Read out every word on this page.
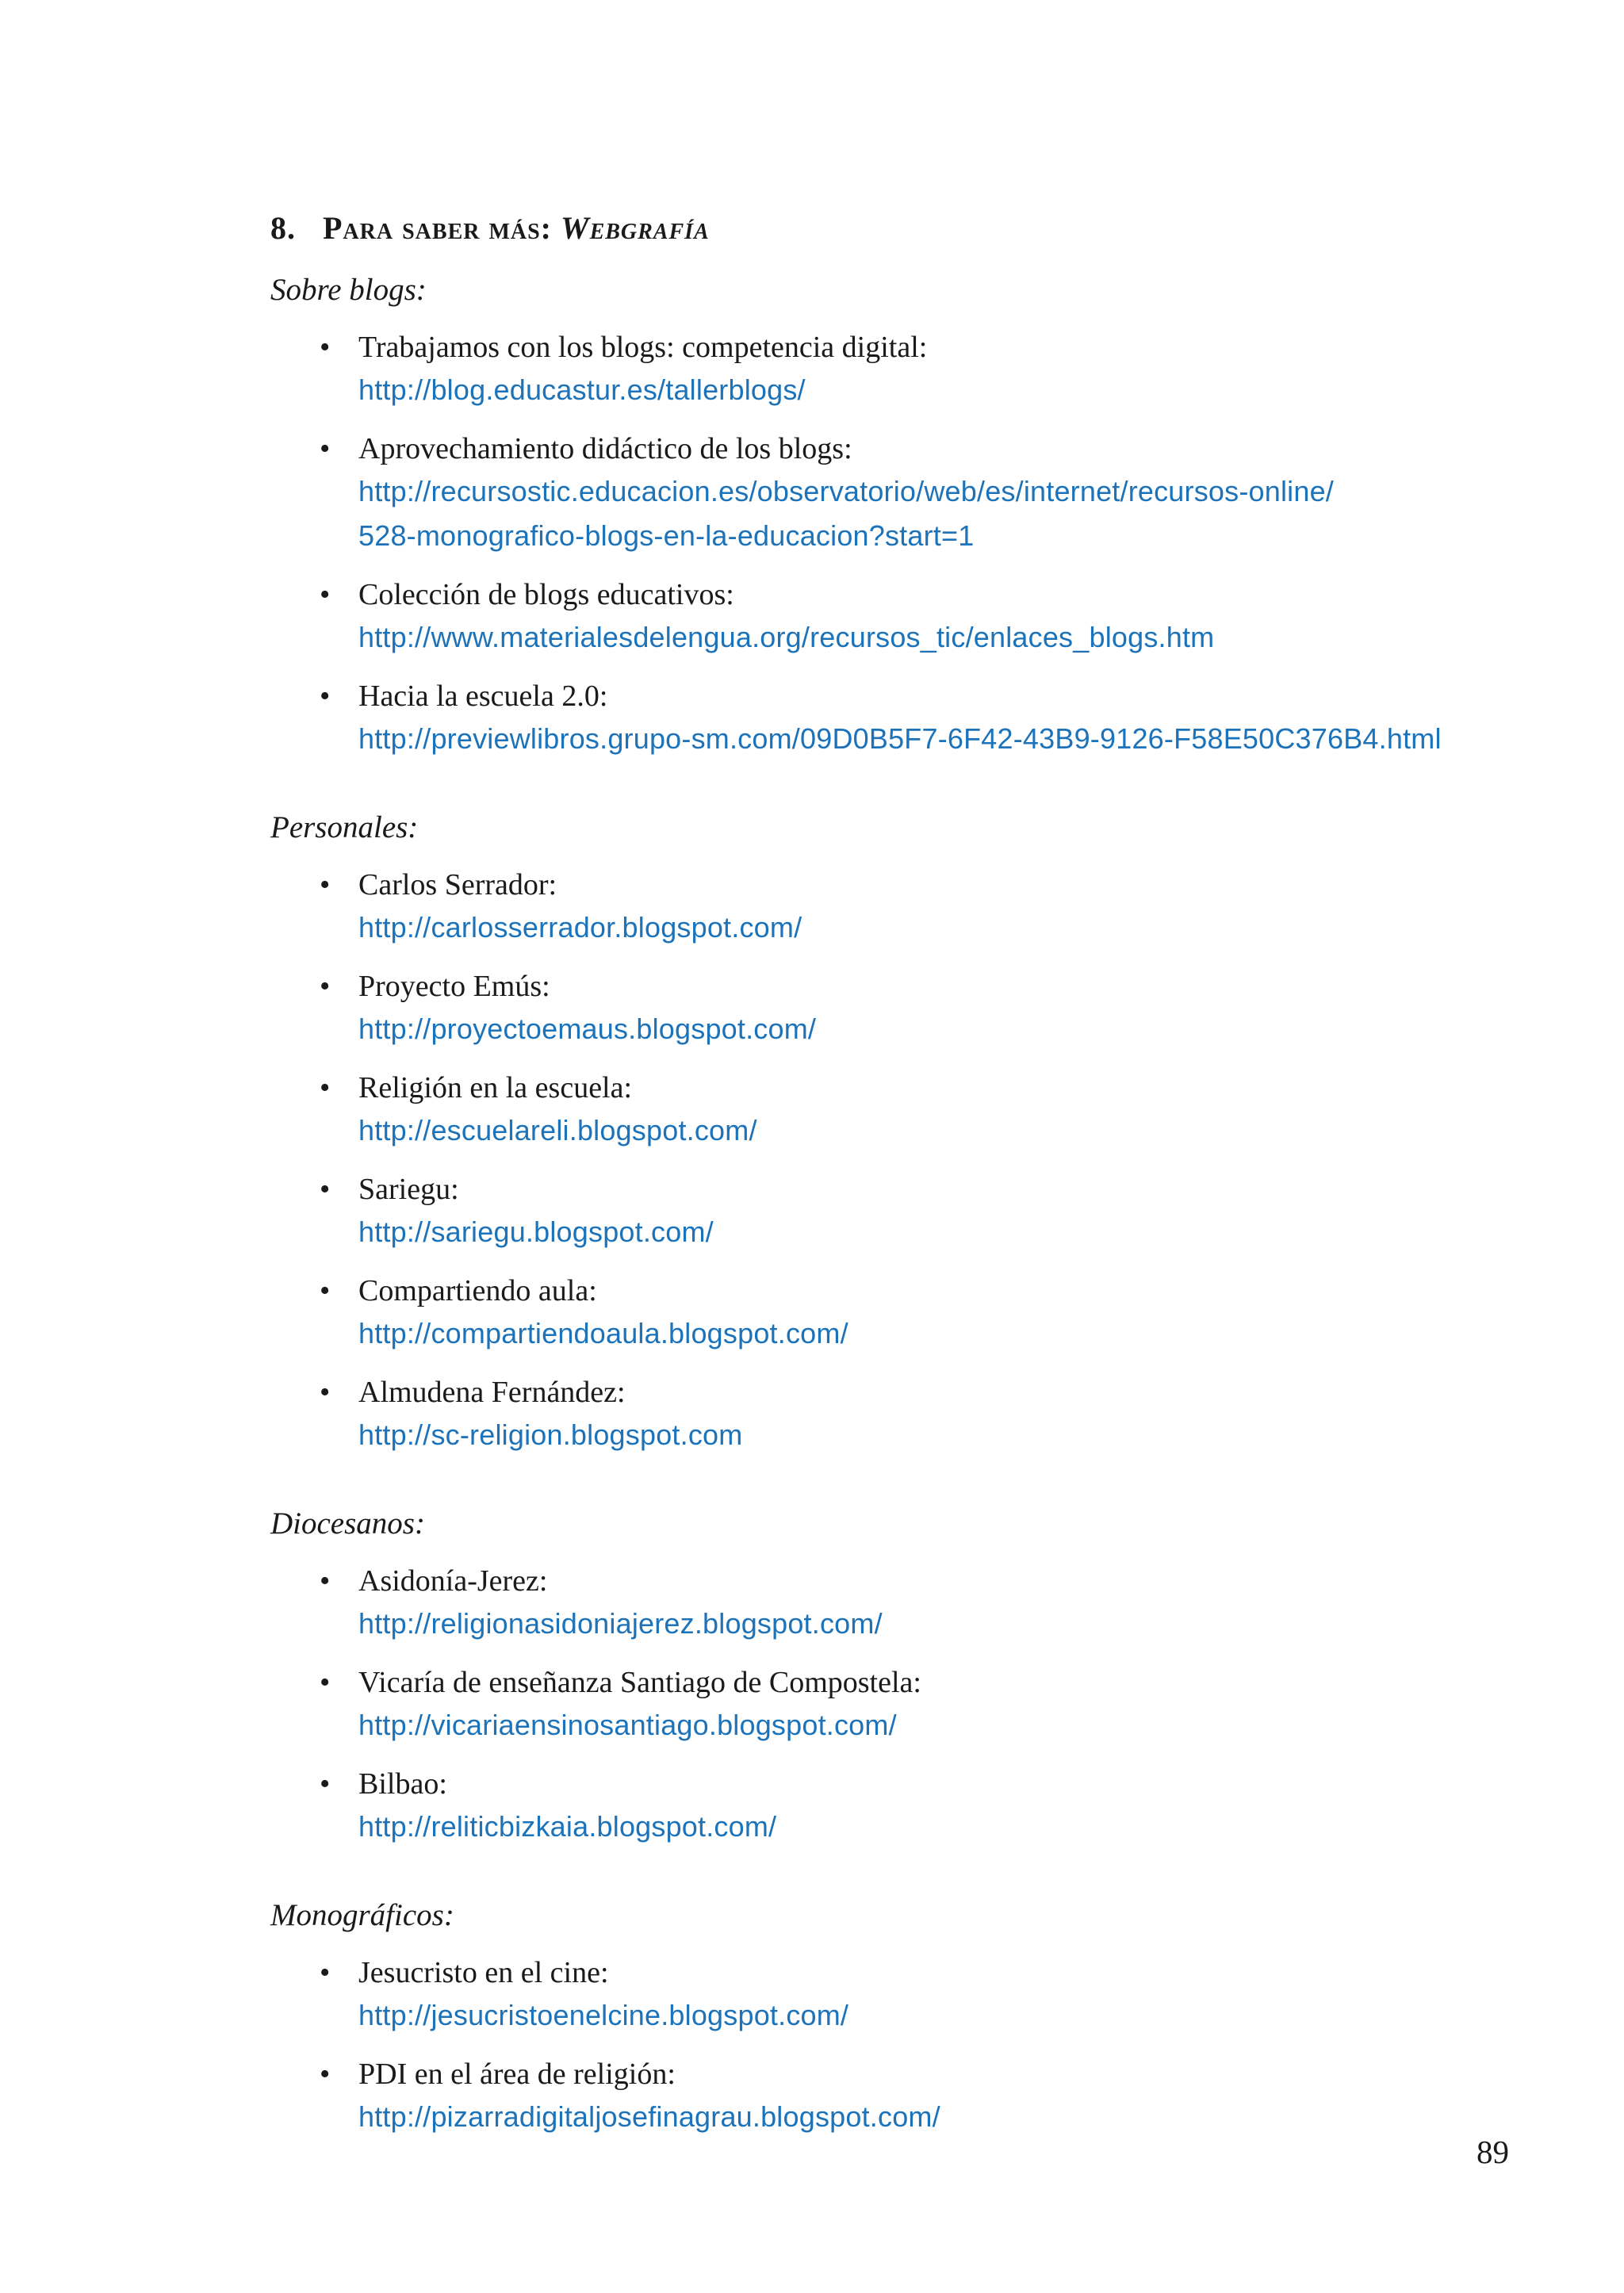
8. Para saber más: Webgrafía
Sobre blogs:
• Trabajamos con los blogs: competencia digital:
http://blog.educastur.es/tallerblogs/
• Aprovechamiento didáctico de los blogs:
http://recursostic.educacion.es/observatorio/web/es/internet/recursos-online/
528-monografico-blogs-en-la-educacion?start=1
• Colección de blogs educativos:
http://www.materialesdelengua.org/recursos_tic/enlaces_blogs.htm
• Hacia la escuela 2.0:
http://previewlibros.grupo-sm.com/09D0B5F7-6F42-43B9-9126-F58E50C376B4.html
Personales:
• Carlos Serrador:
http://carlosserrador.blogspot.com/
• Proyecto Emús:
http://proyectoemaus.blogspot.com/
• Religión en la escuela:
http://escuelareli.blogspot.com/
• Sariegu:
http://sariegu.blogspot.com/
• Compartiendo aula:
http://compartiendoaula.blogspot.com/
• Almudena Fernández:
http://sc-religion.blogspot.com
Diocesanos:
• Asidonía-Jerez:
http://religionasidoniajerez.blogspot.com/
• Vicaría de enseñanza Santiago de Compostela:
http://vicariaensinosantiago.blogspot.com/
• Bilbao:
http://reliticbizkaia.blogspot.com/
Monográficos:
• Jesucristo en el cine:
http://jesucristoenelcine.blogspot.com/
• PDI en el área de religión:
http://pizarradigitaljosefinagrau.blogspot.com/
89
